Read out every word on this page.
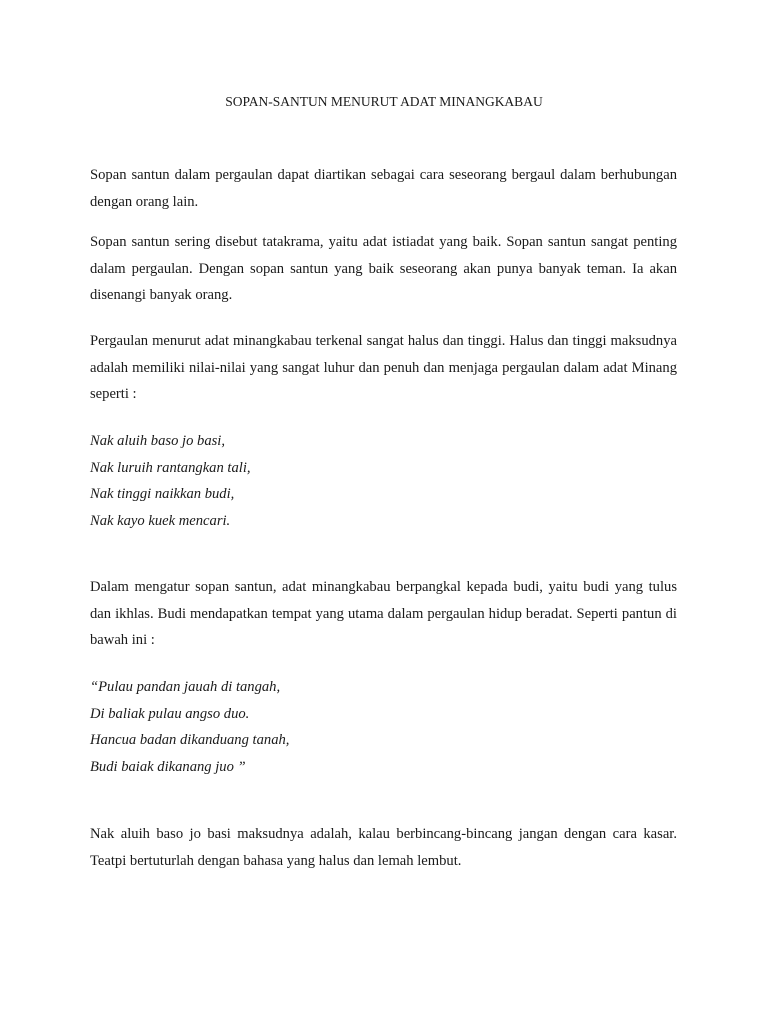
SOPAN-SANTUN MENURUT ADAT MINANGKABAU

Sopan santun dalam pergaulan dapat diartikan sebagai cara seseorang bergaul dalam berhubungan dengan orang lain.

Sopan santun sering disebut tatakrama, yaitu adat istiadat yang baik. Sopan santun sangat penting dalam pergaulan. Dengan sopan santun yang baik seseorang akan punya banyak teman. Ia akan disenangi banyak orang.

Pergaulan menurut adat minangkabau terkenal sangat halus dan tinggi. Halus dan tinggi maksudnya adalah memiliki nilai-nilai yang sangat luhur dan penuh dan menjaga pergaulan dalam adat Minang seperti :

Nak aluih baso jo basi,
Nak luruih rantangkan tali,
Nak tinggi naikkan budi,
Nak kayo kuek mencari.

Dalam mengatur sopan santun, adat minangkabau berpangkal kepada budi, yaitu budi yang tulus dan ikhlas. Budi mendapatkan tempat yang utama dalam pergaulan hidup beradat. Seperti pantun di bawah ini :

“Pulau pandan jauah di tangah,
Di baliak pulau angso duo.
Hancua badan dikanduang tanah,
Budi baiak dikanang juo ”

Nak aluih baso jo basi maksudnya adalah, kalau berbincang-bincang jangan dengan cara kasar. Teatpi bertuturlah dengan bahasa yang halus dan lemah lembut.
